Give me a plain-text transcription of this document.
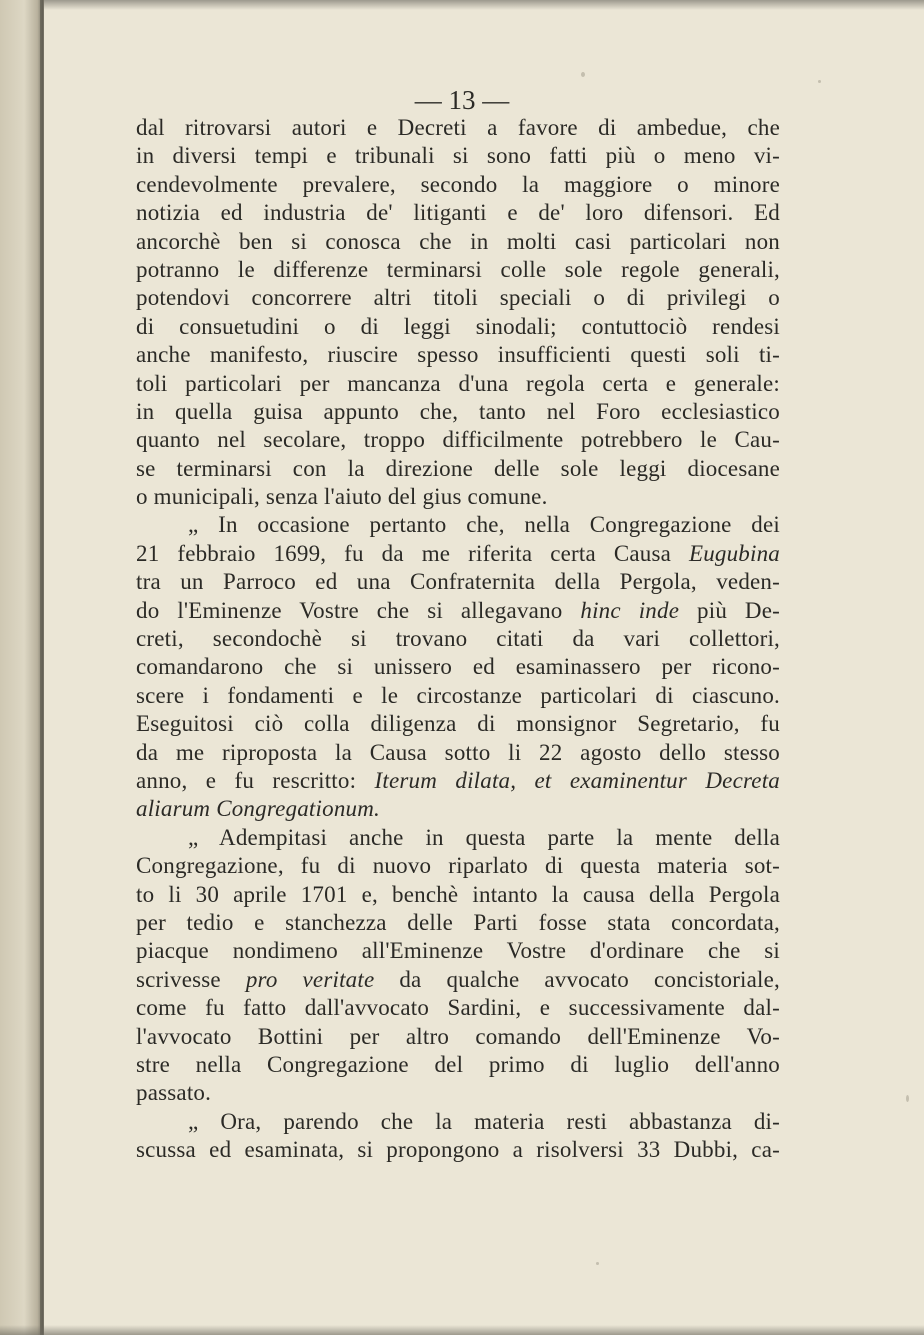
— 13 —
dal ritrovarsi autori e Decreti a favore di ambedue, che
in diversi tempi e tribunali si sono fatti più o meno vi-
cendevolmente prevalere, secondo la maggiore o minore
notizia ed industria de' litiganti e de' loro difensori. Ed
ancorchè ben si conosca che in molti casi particolari non
potranno le differenze terminarsi colle sole regole generali,
potendovi concorrere altri titoli speciali o di privilegi o
di consuetudini o di leggi sinodali; contuttociò rendesi
anche manifesto, riuscire spesso insufficienti questi soli ti-
toli particolari per mancanza d'una regola certa e generale:
in quella guisa appunto che, tanto nel Foro ecclesiastico
quanto nel secolare, troppo difficilmente potrebbero le Cau-
se terminarsi con la direzione delle sole leggi diocesane
o municipali, senza l'aiuto del gius comune.
„ In occasione pertanto che, nella Congregazione dei
21 febbraio 1699, fu da me riferita certa Causa Eugubina
tra un Parroco ed una Confraternita della Pergola, veden-
do l'Eminenze Vostre che si allegavano hinc inde più De-
creti, secondochè si trovano citati da vari collettori,
comandarono che si unissero ed esaminassero per ricono-
scere i fondamenti e le circostanze particolari di ciascuno.
Eseguitosi ciò colla diligenza di monsignor Segretario, fu
da me riproposta la Causa sotto li 22 agosto dello stesso
anno, e fu rescritto: Iterum dilata, et examinentur Decreta
aliarum Congregationum.
„ Adempitasi anche in questa parte la mente della
Congregazione, fu di nuovo riparlato di questa materia sot-
to li 30 aprile 1701 e, benchè intanto la causa della Pergola
per tedio e stanchezza delle Parti fosse stata concordata,
piacque nondimeno all'Eminenze Vostre d'ordinare che si
scrivesse pro veritate da qualche avvocato concistoriale,
come fu fatto dall'avvocato Sardini, e successivamente dal-
l'avvocato Bottini per altro comando dell'Eminenze Vo-
stre nella Congregazione del primo di luglio dell'anno
passato.
„ Ora, parendo che la materia resti abbastanza di-
scussa ed esaminata, si propongono a risolversi 33 Dubbi, ca-
